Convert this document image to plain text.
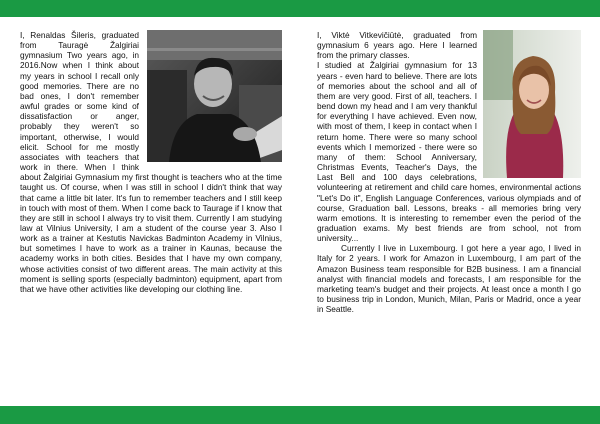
I, Renaldas Šileris, graduated from Tauragė Žalgiriai gymnasium Two years ago, in 2016.Now when I think about my years in school I recall only good memories. There are no bad ones, I don't remember awful grades or some kind of dissatisfaction or anger, probably they weren't so important, otherwise, I would elicit. School for me mostly associates with teachers that work in there. When I think about Žalgiriai Gymnasium my first thought is teachers who at the time taught us. Of course, when I was still in school I didn't think that way that came a little bit later. It's fun to remember teachers and I still keep in touch with most of them. When I come back to Taurage if I know that they are still in school I always try to visit them. Currently I am studying law at Vilnius University, I am a student of the course year 3. Also I work as a trainer at Kestutis Navickas Badminton Academy in Vilnius, but sometimes I have to work as a trainer in Kaunas, because the academy works in both cities. Besides that I have my own company, whose activities consist of two different areas. The main activity at this moment is selling sports (especially badminton) equipment, apart from that we have other activities like developing our clothing line.

I, Viktė Vitkevičiūtė, graduated from gymnasium 6 years ago. Here I learned from the primary classes.

I studied at Žalgiriai gymnasium for 13 years - even hard to believe. There are lots of memories about the school and all of them are very good. First of all, teachers. I bend down my head and I am very thankful for everything I have achieved. Even now, with most of them, I keep in contact when I return home. There were so many school events which I memorized - there were so many of them: School Anniversary, Christmas Events, Teacher's Days, the Last Bell and 100 days celebrations, volunteering at retirement and child care homes, environmental actions "Let's Do it", English Language Conferences, various olympiads and of course, Graduation ball. Lessons, breaks - all memories bring very warm emotions. It is interesting to remember even the period of the graduation exams. My best friends are from school, not from university...

Currently I live in Luxembourg. I got here a year ago, I lived in Italy for 2 years. I work for Amazon in Luxembourg, I am part of the Amazon Business team responsible for B2B business. I am a financial analyst with financial models and forecasts, I am responsible for the marketing team's budget and their projects. At least once a month I go to business trip in London, Munich, Milan, Paris or Madrid, once a year in Seattle.
